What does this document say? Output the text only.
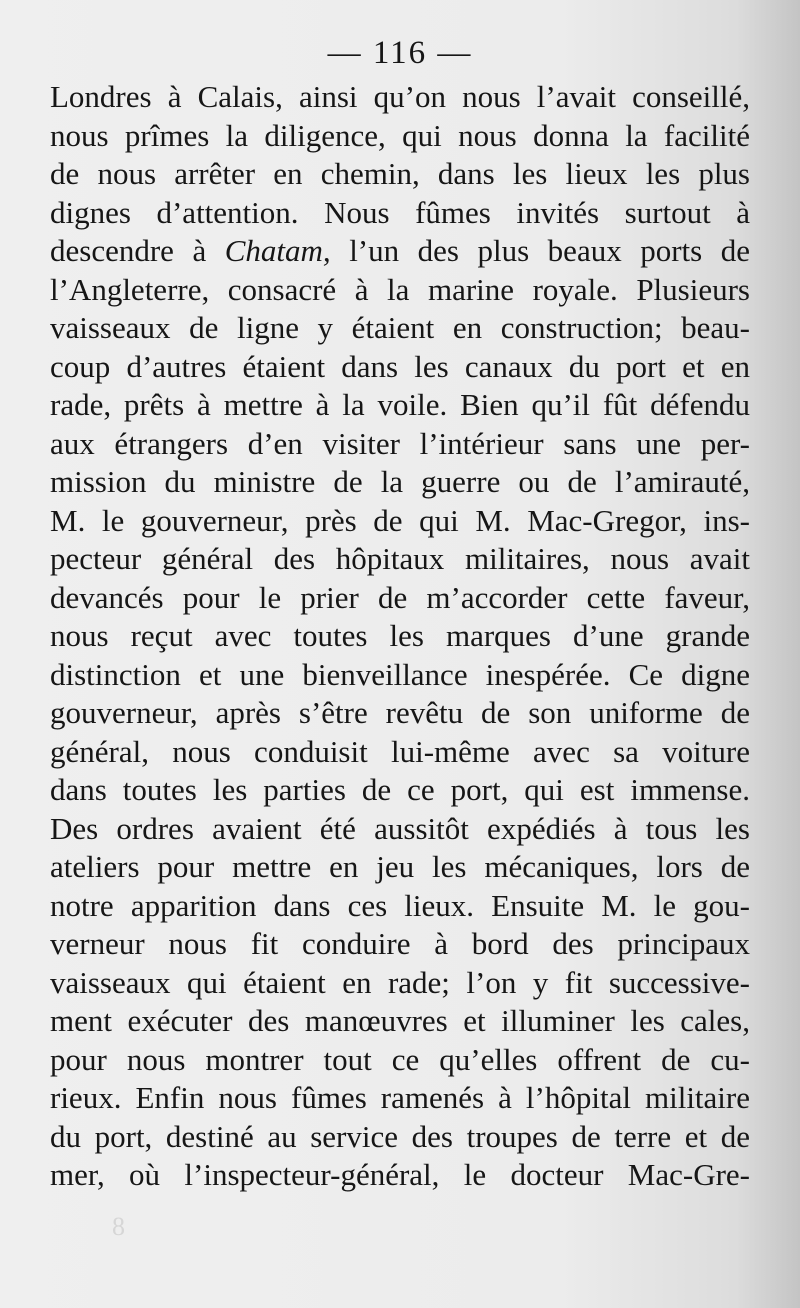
— 116 —
Londres à Calais, ainsi qu’on nous l’avait conseillé,
nous prîmes la diligence, qui nous donna la facilité
de nous arrêter en chemin, dans les lieux les plus
dignes d’attention. Nous fûmes invités surtout à
descendre à Chatam, l’un des plus beaux ports de
l’Angleterre, consacré à la marine royale. Plusieurs
vaisseaux de ligne y étaient en construction; beau-
coup d’autres étaient dans les canaux du port et en
rade, prêts à mettre à la voile. Bien qu’il fût défendu
aux étrangers d’en visiter l’intérieur sans une per-
mission du ministre de la guerre ou de l’amirauté,
M. le gouverneur, près de qui M. Mac-Gregor, ins-
pecteur général des hôpitaux militaires, nous avait
devancés pour le prier de m’accorder cette faveur,
nous reçut avec toutes les marques d’une grande
distinction et une bienveillance inespérée. Ce digne
gouverneur, après s’être revêtu de son uniforme de
général, nous conduisit lui-même avec sa voiture
dans toutes les parties de ce port, qui est immense.
Des ordres avaient été aussitôt expédiés à tous les
ateliers pour mettre en jeu les mécaniques, lors de
notre apparition dans ces lieux. Ensuite M. le gou-
verneur nous fit conduire à bord des principaux
vaisseaux qui étaient en rade; l’on y fit successive-
ment exécuter des manœuvres et illuminer les cales,
pour nous montrer tout ce qu’elles offrent de cu-
rieux. Enfin nous fûmes ramenés à l’hôpital militaire
du port, destiné au service des troupes de terre et de
mer, où l’inspecteur-général, le docteur Mac-Gre-
8
